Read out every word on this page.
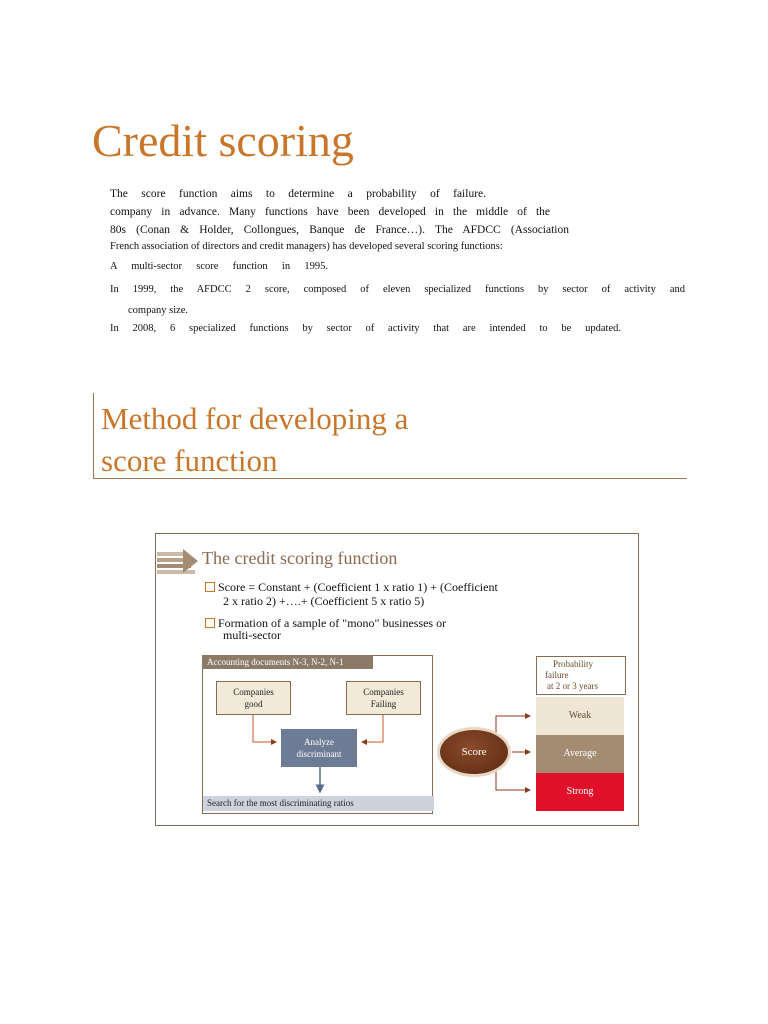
Credit scoring
The score function aims to determine a probability of failure.
company in advance. Many functions have been developed in the middle of the
80s (Conan & Holder, Collongues, Banque de France…). The AFDCC (Association
French association of directors and credit managers) has developed several scoring functions:
A multi-sector score function in 1995.
In 1999, the AFDCC 2 score, composed of eleven specialized functions by sector of activity and
company size.
In 2008, 6 specialized functions by sector of activity that are intended to be updated.
Method for developing a
score function
The credit scoring function
Score = Constant + (Coefficient 1 x ratio 1) + (Coefficient
2 x ratio 2) +….+ (Coefficient 5 x ratio 5)
Formation of a sample of "mono" businesses or
multi-sector
Accounting documents N-3, N-2, N-1
Companies
good
Companies
Failing
Analyze
discriminant
Search for the most discriminating ratios
Score
Probability
failure
at 2 or 3 years
Weak
Average
Strong
